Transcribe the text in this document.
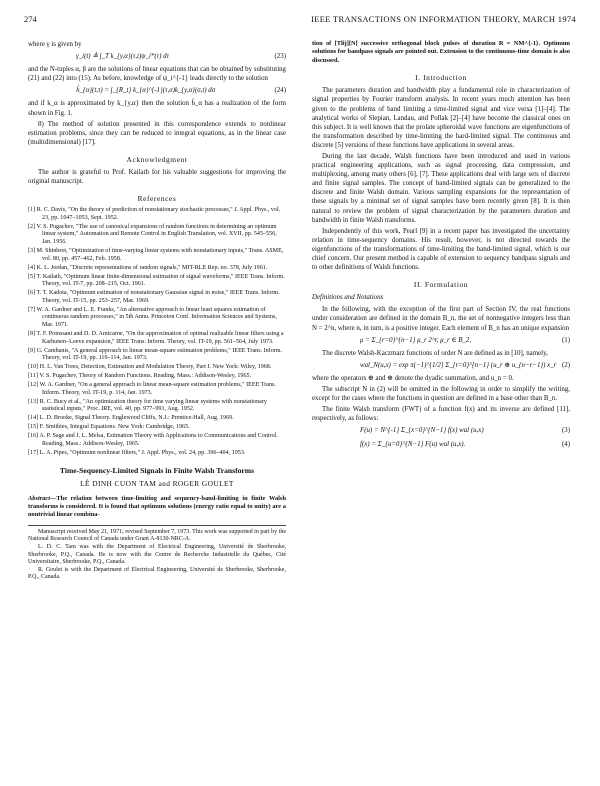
274	IEEE TRANSACTIONS ON INFORMATION THEORY, MARCH 1974

where γ is given by

γ_i(t) ≜ ∫_T k_{y,α}(τ,t)ψ_i*(τ) dτ	(23)

and the N-tuples α, β are the solutions of linear equations that can be obtained by substituting (21) and (22) into (15). As before, knowledge of ψ_i^{-1} leads directly to the solution

ĥ_{α}(t,τ) = ∫_{R_t} k_{α}^{-1}(τ,σ)k_{y,α}(σ,t) dσ	(24)

and if k_α is approximated by k_{y,α} then the solution ĥ_α has a realization of the form shown in Fig. 1.

8) The method of solution presented in this correspondence extends to nonlinear estimation problems, since they can be reduced to integral equations, as in the linear case (multidimensional) [17].

Acknowledgment

The author is grateful to Prof. Kailath for his valuable suggestions for improving the original manuscript.

References

[1] R. C. Davis, "On the theory of prediction of nonstationary stochastic processes," J. Appl. Phys., vol. 23, pp. 1047–1053, Sept. 1952.

[2] V. S. Pugachev, "The use of canonical expansions of random functions in determining an optimum linear system," Automation and Remote Control in English Translation, vol. XVII, pp. 545–556, Jan. 1956.

[3] M. Shinbrot, "Optimization of time-varying linear systems with nonstationary inputs," Trans. ASME, vol. 80, pp. 457–462, Feb. 1958.

[4] K. L. Jordan, "Discrete representations of random signals," MIT-RLE Rep. no. 378, July 1961.

[5] T. Kailath, "Optimum linear finite-dimensional estimation of signal waveforms," IEEE Trans. Inform. Theory, vol. IT-7, pp. 208–215, Oct. 1961.

[6] T. T. Kadota, "Optimum estimation of nonstationary Gaussian signal in noise," IEEE Trans. Inform. Theory, vol. IT-15, pp. 253–257, Mar. 1969.

[7] W. A. Gardner and L. E. Franks, "An alternative approach to linear least squares estimation of continuous random processes," in 5th Annu. Princeton Conf. Information Sciences and Systems, Mar. 1971.

[8] T. F. Poinssant and D. D. Amicarne, "On the approximation of optimal realizable linear filters using a Karhunen–Loeve expansion," IEEE Trans. Inform. Theory, vol. IT-19, pp. 561–564, July 1973.

[9] G. Cambanis, "A general approach to linear mean-square estimation problems," IEEE Trans. Inform. Theory, vol. IT-19, pp. 110–114, Jan. 1973.

[10] H. L. Van Trees, Detection, Estimation and Modulation Theory, Part I. New York: Wiley, 1968.

[11] V. S. Pugachev, Theory of Random Functions. Reading, Mass.: Addison-Wesley, 1965.

[12] W. A. Gardner, "On a general approach to linear mean-square estimation problems," IEEE Trans. Inform. Theory, vol. IT-19, p. 114, Jan. 1973.

[13] R. C. Bucy et al., "An optimization theory for time varying linear systems with nonstationary statistical inputs," Proc. IRE, vol. 40, pp. 977–991, Aug. 1952.

[14] L. D. Brooke, Signal Theory. Englewood Cliffs, N.J.: Prentice-Hall, Aug. 1969.

[15] F. Smithies, Integral Equations. New York: Cambridge, 1965.

[16] A. P. Sage and J. L. Melsa, Estimation Theory with Applications to Communications and Control. Reading, Mass.: Addison-Wesley, 1965.

[17] L. A. Pipes, "Optimum nonlinear filters," J. Appl. Phys., vol. 24, pp. 396–404, 1953.

Time-Sequency-Limited Signals in Finite Walsh Transforms
LÊ DINH CUON TAM and ROGER GOULET

Abstract—The relation between time-limiting and sequency-band-limiting in finite Walsh transforms is considered. It is found that optimum solutions (energy ratio equal to unity) are a nontrivial linear combina-

Manuscript received May 21, 1971; revised September 7, 1973. This work was supported in part by the National Research Council of Canada under Grant A-8130-NRC-A.

L. D. C. Tam was with the Department of Electrical Engineering, Université de Sherbrooke, Sherbrooke, P.Q., Canada. He is now with the Centre de Recherche Industrielle du Québec, Cité Universitaire, Sherbrooke, P.Q., Canada.

R. Goulet is with the Department of Electrical Engineering, Université de Sherbrooke, Sherbrooke, P.Q., Canada.

tion of [Tlij][N] successive orthogonal block pulses of duration R = NM^{-1}. Optimum solutions for bandpass signals are pointed out. Extension to the continuous-time domain is also discussed.

I. Introduction

The parameters duration and bandwidth play a fundamental role in characterization of signal properties by Fourier transform analysis. In recent years much attention has been given to the problems of band limiting a time-limited signal and vice versa [1]–[4]. The analytical works of Slepian, Landau, and Pollak [2]–[4] have become the classical ones on this subject. It is well known that the prolate spheroidal wave functions are eigenfunctions of the transformation described by time-limiting the hard-limited signal. The continuous and discrete [5] versions of these functions have applications in several areas.

During the last decade, Walsh functions have been introduced and used in various practical engineering applications, such as signal processing, data compression, and multiplexing, among many others [6], [7]. These applications deal with large sets of discrete and finite signal samples. The concept of band-limited signals can be generalized to the discrete and finite Walsh domain. Various sampling expansions for the representation of these signals by a minimal set of signal samples have been recently given [8]. It is then natural to review the problem of signal characterization by the parameters duration and bandwidth in finite Walsh transforms.

Independently of this work, Pearl [9] in a recent paper has investigated the uncertainty relation in time-sequency domains. His result, however, is not directed towards the eigenfunctions of the transformations of time-limiting the band-limited signal, which is our chief concern. Our present method is capable of extension to sequency bandpass signals and to other definitions of Walsh functions.

II. Formulation
Definitions and Notations

In the following, with the exception of the first part of Section IV, the real functions under consideration are defined in the domain B_n, the set of nonnegative integers less than N = 2^n, where n, in turn, is a positive integer. Each element of B_n has an unique expansion

μ = Σ_{r=0}^{n−1} μ_r 2^r, μ_r ∈ B_2,	(1)

The discrete Walsh-Kaczmarz functions of order N are defined as in [10], namely,

wal_N(u,x) = exp π(−1)^{1/2} Σ_{r=0}^{n−1} (u_r ⊕ u_{n−r−1}) x_r (2)

where the operators ⊕ and ⊕ denote the dyadic summation, and u_n = 0.

The subscript N in (2) will be omitted in the following in order to simplify the writing, except for the cases where the functions in question are defined in a base other than B_n.

The finite Walsh transform (FWT) of a function f(x) and its inverse are defined [11], respectively, as follows:

F(u) = N^{-1} Σ_{x=0}^{N−1} f(x) wal (u,x)	(3)
f(x) = Σ_{u=0}^{N−1} F(u) wal (u,x).	(4)
